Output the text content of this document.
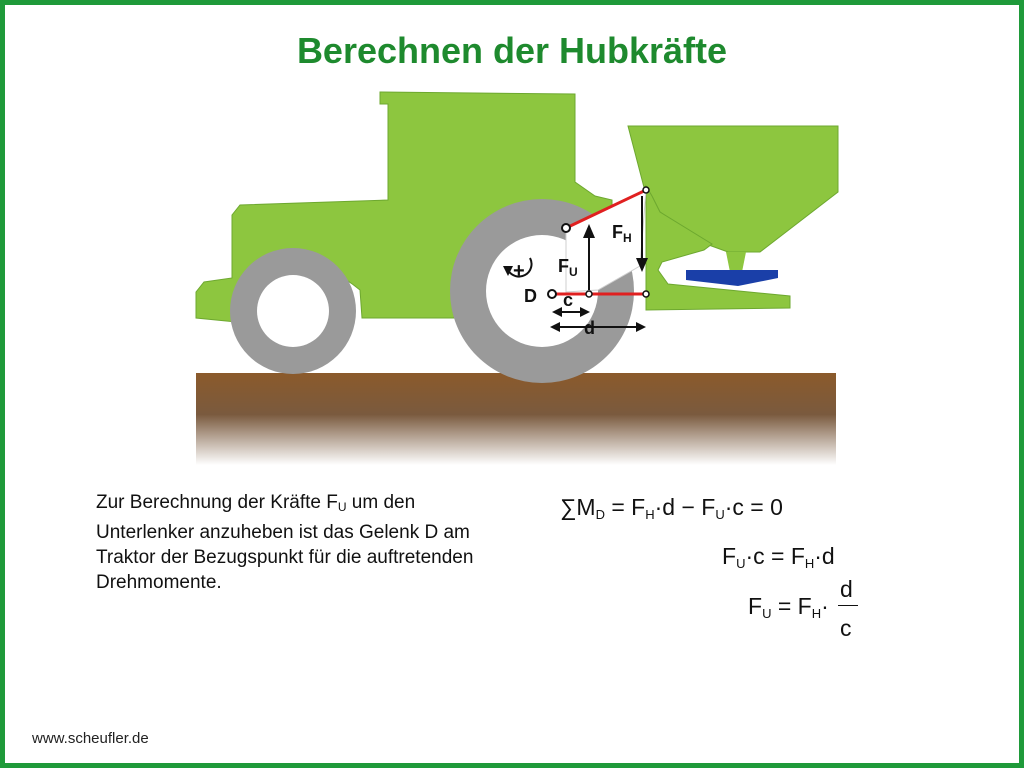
Berechnen der Hubkräfte
$F_H$
$F_U$
D c
d
+
Zur Berechnung der Kräfte $F_U$ um den Unterlenker anzuheben ist das Gelenk D am Traktor der Bezugspunkt für die auftretenden Drehmomente.
$\sum M_D = F_H\cdot d - F_U\cdot c = 0$
$F_U\cdot c = F_H\cdot d$
$F_U = F_H\cdot$
d
c
www.scheufler.de
